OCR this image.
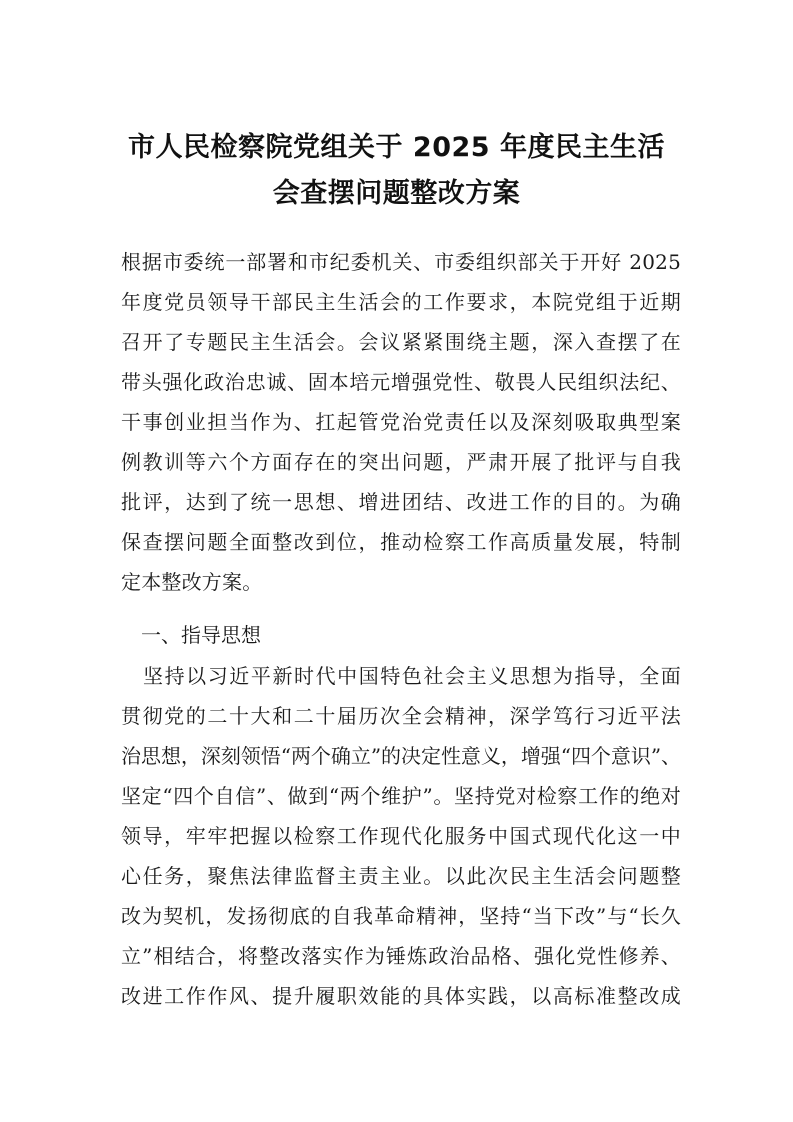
市人民检察院党组关于 2025 年度民主生活
会查摆问题整改方案
根据市委统一部署和市纪委机关、市委组织部关于开好 2025
年度党员领导干部民主生活会的工作要求，本院党组于近期
召开了专题民主生活会。会议紧紧围绕主题，深入查摆了在
带头强化政治忠诚、固本培元增强党性、敬畏人民组织法纪、
干事创业担当作为、扛起管党治党责任以及深刻吸取典型案
例教训等六个方面存在的突出问题，严肃开展了批评与自我
批评，达到了统一思想、增进团结、改进工作的目的。为确
保查摆问题全面整改到位，推动检察工作高质量发展，特制
定本整改方案。
一、指导思想
坚持以习近平新时代中国特色社会主义思想为指导，全面
贯彻党的二十大和二十届历次全会精神，深学笃行习近平法
治思想，深刻领悟“两个确立”的决定性意义，增强“四个意识”、
坚定“四个自信”、做到“两个维护”。坚持党对检察工作的绝对
领导，牢牢把握以检察工作现代化服务中国式现代化这一中
心任务，聚焦法律监督主责主业。以此次民主生活会问题整
改为契机，发扬彻底的自我革命精神，坚持“当下改”与“长久
立”相结合，将整改落实作为锤炼政治品格、强化党性修养、
改进工作作风、提升履职效能的具体实践，以高标准整改成
